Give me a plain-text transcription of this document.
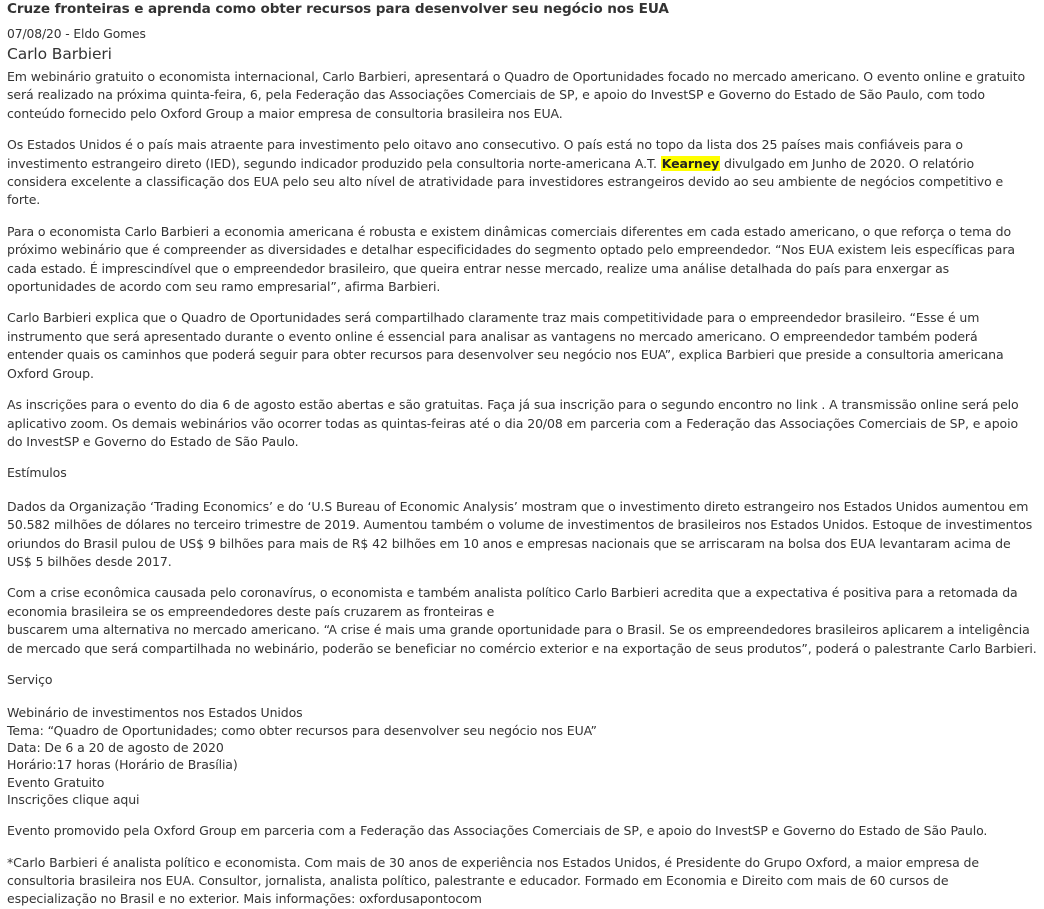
Cruze fronteiras e aprenda como obter recursos para desenvolver seu negócio nos EUA
07/08/20 - Eldo Gomes
Carlo Barbieri

Em webinário gratuito o economista internacional, Carlo Barbieri, apresentará o Quadro de Oportunidades focado no mercado americano. O evento online e gratuito será realizado na próxima quinta-feira, 6, pela Federação das Associações Comerciais de SP, e apoio do InvestSP e Governo do Estado de São Paulo, com todo conteúdo fornecido pelo Oxford Group a maior empresa de consultoria brasileira nos EUA.

Os Estados Unidos é o país mais atraente para investimento pelo oitavo ano consecutivo. O país está no topo da lista dos 25 países mais confiáveis para o investimento estrangeiro direto (IED), segundo indicador produzido pela consultoria norte-americana A.T. Kearney divulgado em Junho de 2020. O relatório considera excelente a classificação dos EUA pelo seu alto nível de atratividade para investidores estrangeiros devido ao seu ambiente de negócios competitivo e forte.

Para o economista Carlo Barbieri a economia americana é robusta e existem dinâmicas comerciais diferentes em cada estado americano, o que reforça o tema do próximo webinário que é compreender as diversidades e detalhar especificidades do segmento optado pelo empreendedor. “Nos EUA existem leis específicas para cada estado. É imprescindível que o empreendedor brasileiro, que queira entrar nesse mercado, realize uma análise detalhada do país para enxergar as oportunidades de acordo com seu ramo empresarial”, afirma Barbieri.

Carlo Barbieri explica que o Quadro de Oportunidades será compartilhado claramente traz mais competitividade para o empreendedor brasileiro. “Esse é um instrumento que será apresentado durante o evento online é essencial para analisar as vantagens no mercado americano. O empreendedor também poderá entender quais os caminhos que poderá seguir para obter recursos para desenvolver seu negócio nos EUA”, explica Barbieri que preside a consultoria americana Oxford Group.

As inscrições para o evento do dia 6 de agosto estão abertas e são gratuitas. Faça já sua inscrição para o segundo encontro no link . A transmissão online será pelo aplicativo zoom. Os demais webinários vão ocorrer todas as quintas-feiras até o dia 20/08 em parceria com a Federação das Associações Comerciais de SP, e apoio do InvestSP e Governo do Estado de São Paulo.

Estímulos

Dados da Organização ‘Trading Economics’ e do ‘U.S Bureau of Economic Analysis’ mostram que o investimento direto estrangeiro nos Estados Unidos aumentou em 50.582 milhões de dólares no terceiro trimestre de 2019. Aumentou também o volume de investimentos de brasileiros nos Estados Unidos. Estoque de investimentos oriundos do Brasil pulou de US$ 9 bilhões para mais de R$ 42 bilhões em 10 anos e empresas nacionais que se arriscaram na bolsa dos EUA levantaram acima de US$ 5 bilhões desde 2017.

Com a crise econômica causada pelo coronavírus, o economista e também analista político Carlo Barbieri acredita que a expectativa é positiva para a retomada da economia brasileira se os empreendedores deste país cruzarem as fronteiras e
buscarem uma alternativa no mercado americano. “A crise é mais uma grande oportunidade para o Brasil. Se os empreendedores brasileiros aplicarem a inteligência de mercado que será compartilhada no webinário, poderão se beneficiar no comércio exterior e na exportação de seus produtos”, poderá o palestrante Carlo Barbieri.

Serviço
Webinário de investimentos nos Estados Unidos
Tema: “Quadro de Oportunidades; como obter recursos para desenvolver seu negócio nos EUA”
Data: De 6 a 20 de agosto de 2020
Horário:17 horas (Horário de Brasília)
Evento Gratuito
Inscrições clique aqui

Evento promovido pela Oxford Group em parceria com a Federação das Associações Comerciais de SP, e apoio do InvestSP e Governo do Estado de São Paulo.

*Carlo Barbieri é analista político e economista. Com mais de 30 anos de experiência nos Estados Unidos, é Presidente do Grupo Oxford, a maior empresa de consultoria brasileira nos EUA. Consultor, jornalista, analista político, palestrante e educador. Formado em Economia e Direito com mais de 60 cursos de especialização no Brasil e no exterior. Mais informações: oxfordusapontocom
